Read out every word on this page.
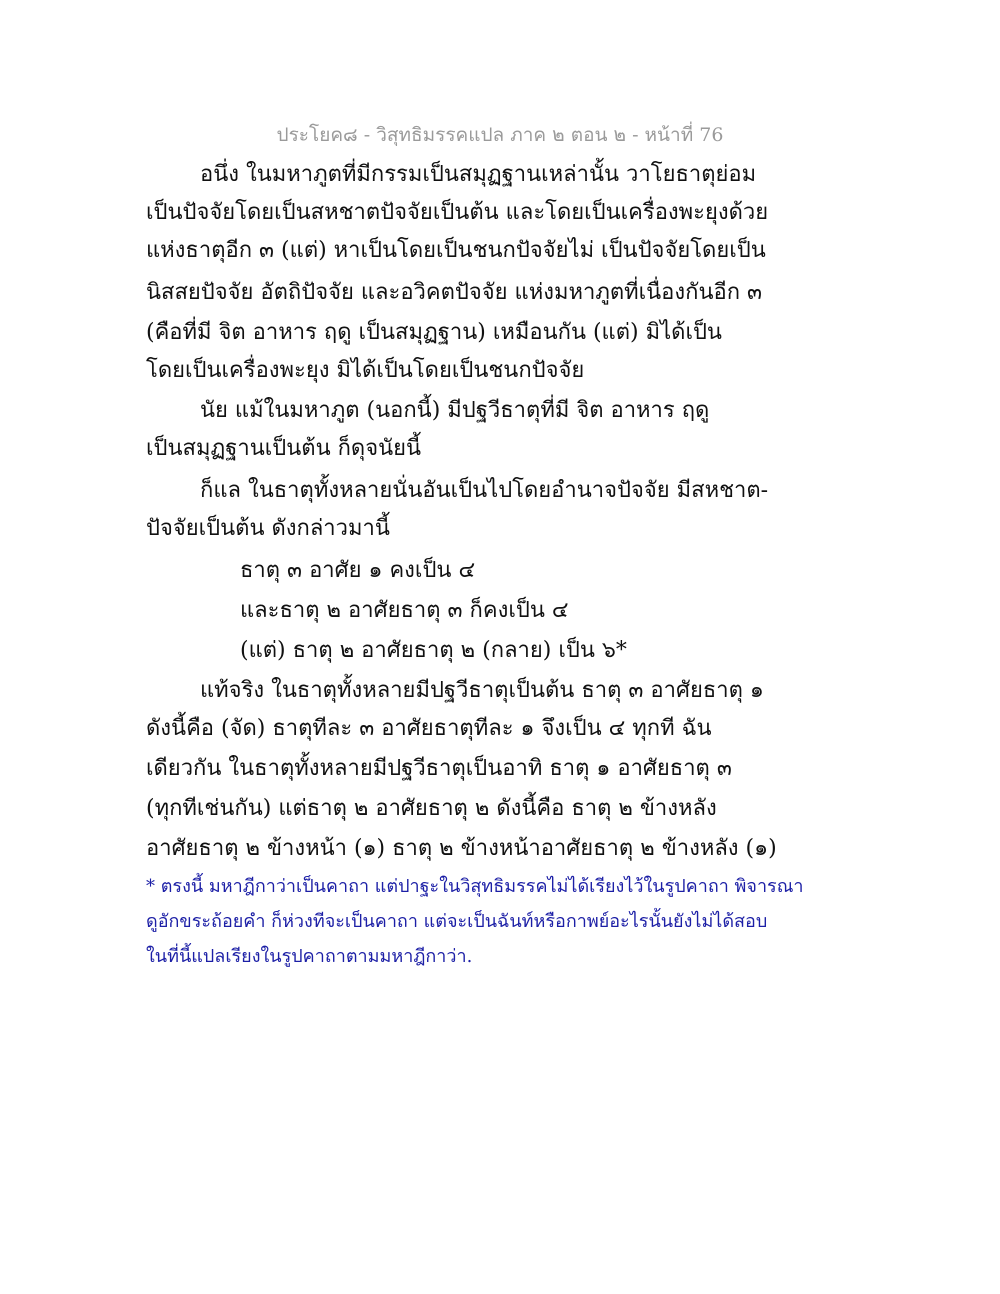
ประโยค๘ - วิสุทธิมรรคแปล ภาค ๒ ตอน ๒ - หน้าที่ 76
อนึ่ง ในมหาภูตที่มีกรรมเป็นสมุฏฐานเหล่านั้น วาโยธาตุย่อม
เป็นปัจจัยโดยเป็นสหชาตปัจจัยเป็นต้น และโดยเป็นเครื่องพะยุงด้วย
แห่งธาตุอีก ๓ (แต่) หาเป็นโดยเป็นชนกปัจจัยไม่ เป็นปัจจัยโดยเป็น
นิสสยปัจจัย อัตถิปัจจัย และอวิคตปัจจัย แห่งมหาภูตที่เนื่องกันอีก ๓
(คือที่มี จิต อาหาร ฤดู เป็นสมุฏฐาน) เหมือนกัน (แต่) มิได้เป็น
โดยเป็นเครื่องพะยุง มิได้เป็นโดยเป็นชนกปัจจัย
นัย แม้ในมหาภูต (นอกนี้) มีปฐวีธาตุที่มี จิต อาหาร ฤดู
เป็นสมุฏฐานเป็นต้น ก็ดุจนัยนี้
ก็แล ในธาตุทั้งหลายนั่นอันเป็นไปโดยอำนาจปัจจัย มีสหชาต-
ปัจจัยเป็นต้น ดังกล่าวมานี้
ธาตุ ๓ อาศัย ๑ คงเป็น ๔
และธาตุ ๒ อาศัยธาตุ ๓ ก็คงเป็น ๔
(แต่) ธาตุ ๒ อาศัยธาตุ ๒ (กลาย) เป็น ๖*
แท้จริง ในธาตุทั้งหลายมีปฐวีธาตุเป็นต้น ธาตุ ๓ อาศัยธาตุ ๑
ดังนี้คือ (จัด) ธาตุทีละ ๓ อาศัยธาตุทีละ ๑ จึงเป็น ๔ ทุกที ฉัน
เดียวกัน ในธาตุทั้งหลายมีปฐวีธาตุเป็นอาทิ ธาตุ ๑ อาศัยธาตุ ๓
(ทุกทีเช่นกัน) แต่ธาตุ ๒ อาศัยธาตุ ๒ ดังนี้คือ ธาตุ ๒ ข้างหลัง
อาศัยธาตุ ๒ ข้างหน้า (๑) ธาตุ ๒ ข้างหน้าอาศัยธาตุ ๒ ข้างหลัง (๑)
* ตรงนี้ มหาฎีกาว่าเป็นคาถา แต่ปาฐะในวิสุทธิมรรคไม่ได้เรียงไว้ในรูปคาถา พิจารณา
ดูอักขระถ้อยคำ ก็ห่วงทีจะเป็นคาถา แต่จะเป็นฉันท์หรือกาพย์อะไรนั้นยังไม่ได้สอบ
ในที่นี้แปลเรียงในรูปคาถาตามมหาฎีกาว่า.
